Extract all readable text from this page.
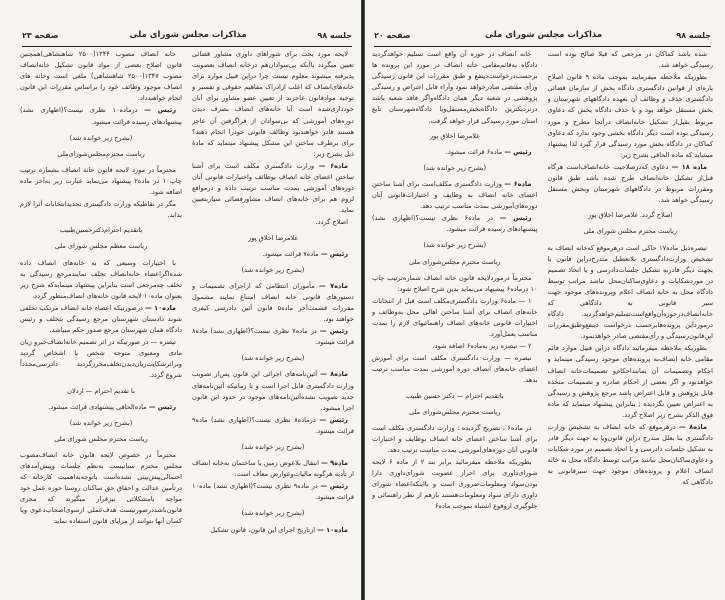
جلسه ۹۸
مذاکرات مجلس شورای ملی
صفحه ۲۳
لایحه مورد بحث برای شوراهای داوری مشاور قضائی تعیین میگردد باآنکه بی‌سوادان‌هم درخانه انصاف بعضویت پذیرفته میشوند معلوم نیست چرا دراین قبیل موارد برای خانه‌های‌انصاف که اغلب ازادراک مفاهیم حقوقی و تفسیر و توجیه موادقانون عاجزند از تعیین عضو مشاور برای آنان خودداری‌شده است آیا خانه‌های انصاف بصرف دیدن دوره‌های آموزشی که بی‌سوادان از فراگرفتن آن عاجز هستند قادر خواهندبود وظائف قانونی خودرا انجام دهند؟ برای برطرف ساختن این مشکل پیشنهاد مینماید که مادهٔ ذیل بشرح زیر:
ماده۶ — وزارت دادگستری مکلف است برای آشنا ساختن اعضای خانه انصاف بوظائف واختیارات قانونی آنان دوره‌های آموزشی بمدت مناسب ترتیب داده و درمواقع لزوم هم برای خانه‌های انصاف مشاورقضائی سیاربتعیین نماید.
اصلاح گردد.
غلامرضا اخلاق پور
رئیس — ماده۷ قرائت میشود.
(بشرح زیر خوانده شد)
ماده۷ — مأموران انتظامی که ازاجرای تصمیمات و دستورهای قانونی خانه انصاف امتناع نمایند مشمول مقررات قسمت‌آخر ماده۵ قانون آئین دادرسی کیفری خواهند بود.
رئیس — در ماده۷ نظری نیست؟(اظهاری نشد) ماده۸ قرائت میشود.
(بشرح زیر خوانده شد)
ماده۸ — آئین‌نامه‌های اجرائی این قانون پس‌از تصویب وزارت دادگستری قابل اجرا است و تا زمانیکه آئین‌نامه‌های جدید تصویب نشده‌آئین‌نامه‌های موجود در حدود این قانون اجرا میشود.
رئیس — درماده۸ نظری نیست؟(اظهاری نشد) ماده۹ قرائت میشود.
(بشرح زیر خوانده شد)
ماده۹ — انتقال بلاعوض زمین یا ساختمان به‌خانه انصاف از تأدیه هرگونه مالیات‌وعوارض معاف است.
رئیس — در ماده۹ نظری نیست؟(اظهاری نشد) ماده۱۰ قرائت میشود.
(بشرح زیر خوانده شد)
ماده۱۰ — ازتاریخ اجرای این قانون، قانون تشکیل
خانه انصاف مصوب ۱۳۴۴(۲۵۰۰ شاهنشاهی)همچنین قانون اصلاح بعضی از مواد قانون تشکیل خانه‌انصاف مصوب ۱۳۴۷(۲۵۰۰ شاهنشاهی) ملغی است وخانه های انصاف موجود وظائف خود را براساس مقررات این قانون انجام خواهندداد.
رئیس — درماده۱۰ نظری نیست؟(اظهاری نشد) پیشنهادهای رسیده قرائت میشود.
(بشرح زیر خوانده شد)
ریاست محترم‌مجلس‌شورای‌ملی
محترماً در مورد لایحه قانون خانه انصاف بشماره ترتیب چاپ۱۰ در ماده۲ پیشنهاد می‌نماید عبارت زیر به‌آخر ماده اضافه شود.
مگر در نقاطیکه وزارت دادگستری تجدیدانتخابات آنرا لازم بداند.
باتقدیم احترام‌دکترحسین‌طبیب
ریاست معظم مجلس شورای ملی
با اختیارات وسیعی که به خانه‌های انصاف داده شده‌اگراعضاء خانه‌انصاف تخلف نمایندمرجع رسیدگی به تخلف چه‌مرجعی است بنابراین پیشنهاد مینمایدکه شرح زیر بعنوان ماده۱۰ لایحه قانون خانه‌های انصاف‌منظور گردد.
ماده۱۰ — درصورتیکه اعضاء خانه انصاف مرتکب تخلفی شوند دادستان شهرستان مرجع رسیدگی بتخلف و رئیس دادگاه همان شهرستان مرجع صدور حکم میباشد.
تبصره — در صورتیکه در اثر تصمیم خانه‌انصاف‌خبرو زیان مادی ومعنوی متوجه شخص یا اشخاص گردید وبراثرشکایت‌زیان‌دیدن‌تخلف‌محرزگردید دادرسی‌مجدداً شروع گردد.
با تقدیم احترام — اردلان
رئیس — ماده‌الحاقی پیشنهادی قرائت میشود.
(بشرح زیر خوانده شد)
ریاست محترم مجلس شورای ملی
محترماً در خصوص لایحه قانون خانه انصاف‌مصوب مجلس محترم سنا‌نیست به‌نظم جلسات وپیش‌آمدهای احتمالی‌پیش‌بینی نشده‌است باتوجه‌به‌اهمیت کارخانه که درتأمین عدالت و احقاق حق ساکنان روستا حوزه عمل خود مواجه بامشکلاتی نیزقرار میگیرند که مجری قانون‌باشد‌درصورتیست‌ هدف‌عملی ازسوی‌اصحاب‌دعوی ویا کسان آنها بتوانند از مزایای قانون استفاده نماید
جلسه ۹۸
مذاکرات مجلس شورای ملی
صفحه ۲۰
شده باشد کماکان در مرجعی که قبلا صالح بوده است رسیدگی خواهد شد.
بطوریکه ملاحظه میفرمایند بموجب ماده ۹ قانون اصلاح پاره‌ای از قوانین دادگستری دادگاه بخش از سازمان قضائی دادگستری حذف و وظائف آن بعهده دادگاههای شهرستان و بخش مستقل خواهد بود و با حذف دادگاه بخش که دعاوی مربوط بقبل‌از تشکیل خانه‌انصاف درآنجا مطرح و مورد رسیدگی بوده است دیگر دادگاه بخشی وجود ندارد که دعاوی کماکان در دادگاه بخش مورد رسیدگی قرار گیرد لذا پیشنهاد میشاید که ماده الحاقی بشرح زیر:
ماده ۱۸ — دعاوی که‌درصلاحیت خانه‌انصاف‌است هرگاه قبل‌از تشکیل خانه‌انصاف طرح شده باشد طبق قانون ومقررات مربوط در دادگاههای شهرستان وبخش مستقل رسیدگی خواهد شد.
اصلاح گردد. غلامرضا اخلاق پور
ریاست محترم مجلس شورای ملی
نیصره‌ذیل ماده۱۷ حاکی است درهرموقع که‌خانه انصاف به تشخیص وزارت‌دادگستری بلاتعطیل متدرج‌دراین قانون یا بجهت دیگر قادربه تشکیل جلسات‌دادرسی و یا اتخاذ تصمیم در موردشکایات و دعاوی‌ساکنان‌محل نباشد مراتب توسط دادگاه محل به خانه انصاف اعلام وپرونده‌های موجود جهت سیر قانونی به دادگاهی که خانه‌انصاف‌درحوزه‌آن‌واقع‌است‌تسلیم‌خواهدگردید. دادگاه درموردآین پرونده‌هابرحسب درخواست ذینفع‌وطبق‌مقررات این‌قانون‌رسیدگی و رأی‌مقتضی صادر خواهدنمود.
بطوریکه ملاحظه میفرمائید دادگاه دراین قبیل موارد قائم مقامی خانه انصاف‌به پرونده‌های موجود رسیدگی مینماید و احکام وتصمیمات آن بمانند‌احکام‌و تصمیمات‌خانه انصاف خواهدبود و اگر بعضی از احکام صادره و تصمیمات متخذه قابل پژوهش و قابل اعتراض باشد مرجع پژوهش و رسیدگی به اعتراض تعیین نگردیده ; بنابراین پیشنهاد مینماید که ماده فوق الذکر بشرح زیر اصلاح گردد.
ماده۸ — درهرموقع که خانه انصاف به تشخیص وزارت دادگستری بنا بعلل مندرج دراین قانون‌ویا به جهت دیگر قادر به تشکیل جلسات دادرسی و یا اتخاذ تصمیم در مورد شکایات و دعاوی‌ساکنان‌محل نباشد مراتب توسط دادگاه محل به خانه انصاف اعلام و پرونده‌های موجود جهت سیرقانونی به دادگاهی که
خانه انصاف در حوزه آن واقع است تسلیم خواهدگردید دادگاه به‌قائم‌مقامی خانه انصاف در مورد این پرونده ها برحسب‌درخواست‌ذینفع و طبق مقررات این قانون رسیدگی ورأی مقتضی صادرخواهد نمود وآراء قابل اعتراض و رسیدگی پژوهشی در شعبه دیگر همان دادگاه‌واگر فاقد شعبه باشد درنزدیکترین دادگاه‌بخش‌مستقل‌ویا دادگاه‌شهرستان تابع استان مورد رسیدگی قرار خواهد گرفت.
غلامرضا اخلاق پور
رئیس — ماده۶ قرائت میشود.
(بشرح زیر خوانده شد)
ماده۶ — وزارت دادگستری مکلف‌است برای آشنا ساختن اعضای خانه انصاف به وظایف و اختیارات‌قانونی آنان دوره‌های‌آموزشی بمدت مناسب ترتیب دهد.
رئیس — در ماده۶ نظری نیست؟(اظهاری نشد) پیشنهادهای رسیده قرائت میشود.
(بشرح زیر خوانده شد)
ریاست محترم مجلس‌شورای ملی
محترماً درموردلایحه قانون خانه انصاف شماره‌ترتیب چاپ ۱۰ درماده۶ پیشنهاد می‌نماید بدین شرح اصلاح شود:
۱ — ماده۶ وزارت دادگستری‌مکلف است قبل از انتخابات خانه‌های انصاف برای آشنا ساختن اهالی محل به‌وظائف و اختیارات قانونی خانه‌های انصاف راهنمائیهای لازم را بمدت مناسب بعمل‌آورد.
۲ — تبصره زیر به‌ماده۶ اضافه شود.
تبصره — وزارت دادگستری مکلف است برای آموزش اعضای خانه‌های انصاف دوره آموزشی بمدت مناسب ترتیب بدهد.
باتقدیم احترام — دکتر حسین طبیب
ریاست محترم مجلس‌شورای ملی
در ماده۶ ، تصریح گردیده : وزارت دادگستری مکلف است برای آشنا ساختن اعضای خانه انصاف بوظایف و اختیارات قانونی آنان دوره‌های‌آموزشی بمدت مناسب ترتیب دهد.
بطوریکه ملاحظه میفرمائید برابر بند ۲ از ماده ۶ لایحه شورای‌داوری برای احراز عضویت شورای‌داوری دارا بودن‌سواد ومعلومات‌ضروری است و بااینکه‌اعضاء شورای داوری دارای سواد ومعلومات‌هستند بازهم از نظر راهنمائی و جلوگیری ازوقوع اشتباه بموجب ماده۶
